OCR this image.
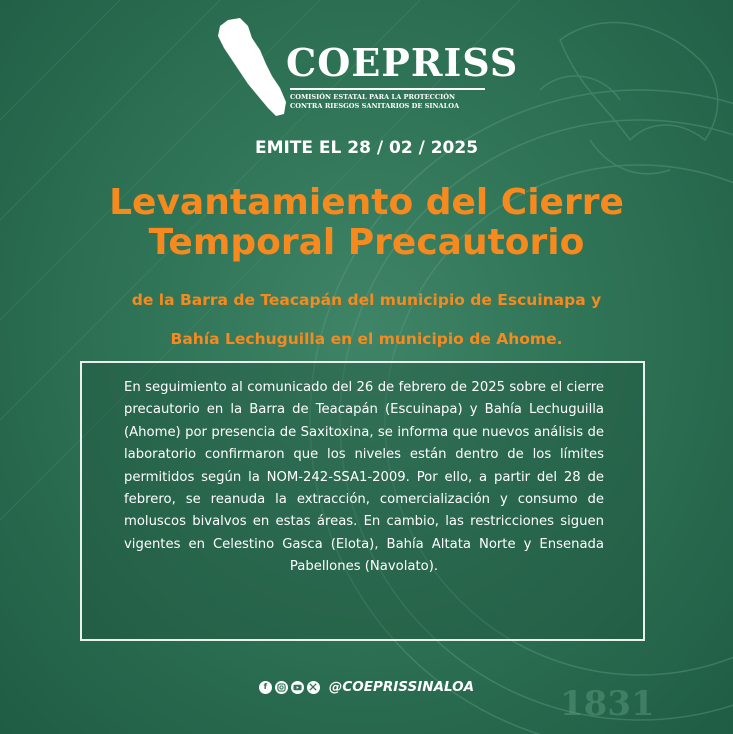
1831
COEPRISS
COMISIÓN ESTATAL PARA LA PROTECCIÓN
CONTRA RIESGOS SANITARIOS DE SINALOA
EMITE EL 28 / 02 / 2025
Levantamiento del Cierre
Temporal Precautorio
de la Barra de Teacapán del municipio de Escuinapa y
Bahía Lechuguilla en el municipio de Ahome.
En seguimiento al comunicado del 26 de febrero de 2025 sobre el cierre precautorio en la Barra de Teacapán (Escuinapa) y Bahía Lechuguilla (Ahome) por presencia de Saxitoxina, se informa que nuevos análisis de laboratorio confirmaron que los niveles están dentro de los límites permitidos según la NOM-242-SSA1-2009. Por ello, a partir del 28 de febrero, se reanuda la extracción, comercialización y consumo de moluscos bivalvos en estas áreas. En cambio, las restricciones siguen vigentes en Celestino Gasca (Elota), Bahía Altata Norte y Ensenada Pabellones (Navolato).
f	@COEPRISSINALOA
